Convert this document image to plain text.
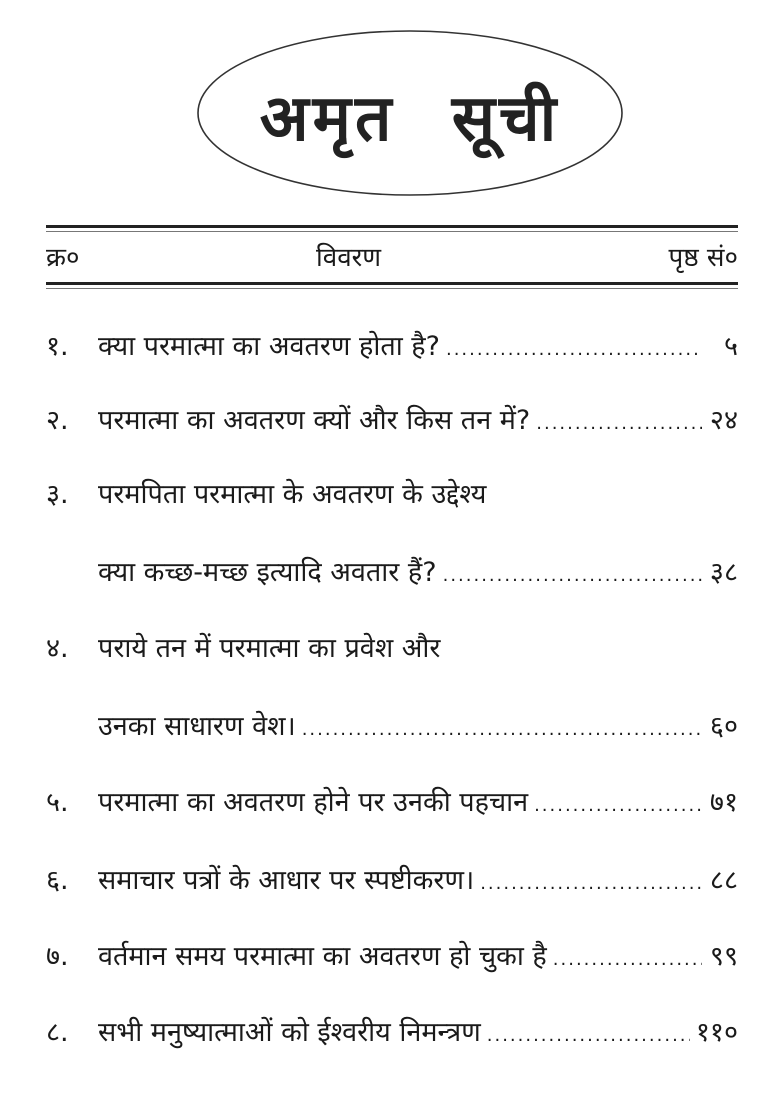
अमृत सूची
क्र०	विवरण	पृष्ठ सं०
१.	क्या परमात्मा का अवतरण होता है? .....	५
२.	परमात्मा का अवतरण क्यों और किस तन में? .....	२४
३.	परमपिता परमात्मा के अवतरण के उद्देश्य
क्या कच्छ-मच्छ इत्यादि अवतार हैं? .....	३८
४.	पराये तन में परमात्मा का प्रवेश और
उनका साधारण वेश। .....	६०
५.	परमात्मा का अवतरण होने पर उनकी पहचान .....	७१
६.	समाचार पत्रों के आधार पर स्पष्टीकरण। .....	८८
७.	वर्तमान समय परमात्मा का अवतरण हो चुका है .....	९९
८.	सभी मनुष्यात्माओं को ईश्वरीय निमन्त्रण .....	११०
